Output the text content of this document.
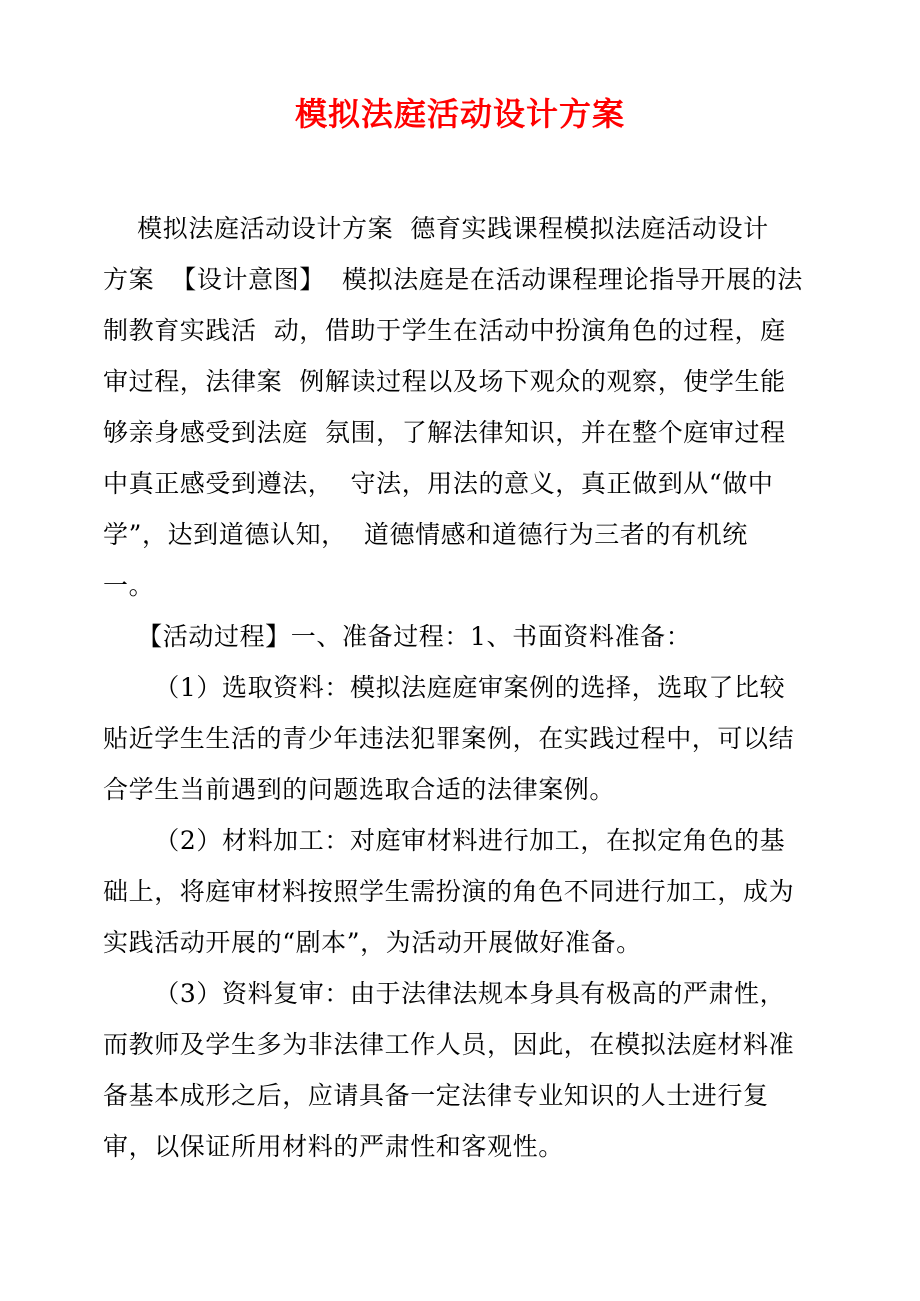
模拟法庭活动设计方案
模拟法庭活动设计方案  德育实践课程模拟法庭活动设计
方案  【设计意图】  模拟法庭是在活动课程理论指导开展的法
制教育实践活  动，借助于学生在活动中扮演角色的过程，庭
审过程，法律案  例解读过程以及场下观众的观察，使学生能
够亲身感受到法庭  氛围，了解法律知识，并在整个庭审过程
中真正感受到遵法，  守法，用法的意义，真正做到从“做中
学”，达到道德认知，  道德情感和道德行为三者的有机统
一。
【活动过程】一、准备过程：1、书面资料准备：
（1）选取资料：模拟法庭庭审案例的选择，选取了比较
贴近学生生活的青少年违法犯罪案例，在实践过程中，可以结
合学生当前遇到的问题选取合适的法律案例。
（2）材料加工：对庭审材料进行加工，在拟定角色的基
础上，将庭审材料按照学生需扮演的角色不同进行加工，成为
实践活动开展的“剧本”，为活动开展做好准备。
（3）资料复审：由于法律法规本身具有极高的严肃性，
而教师及学生多为非法律工作人员，因此，在模拟法庭材料准
备基本成形之后，应请具备一定法律专业知识的人士进行复
审，以保证所用材料的严肃性和客观性。
